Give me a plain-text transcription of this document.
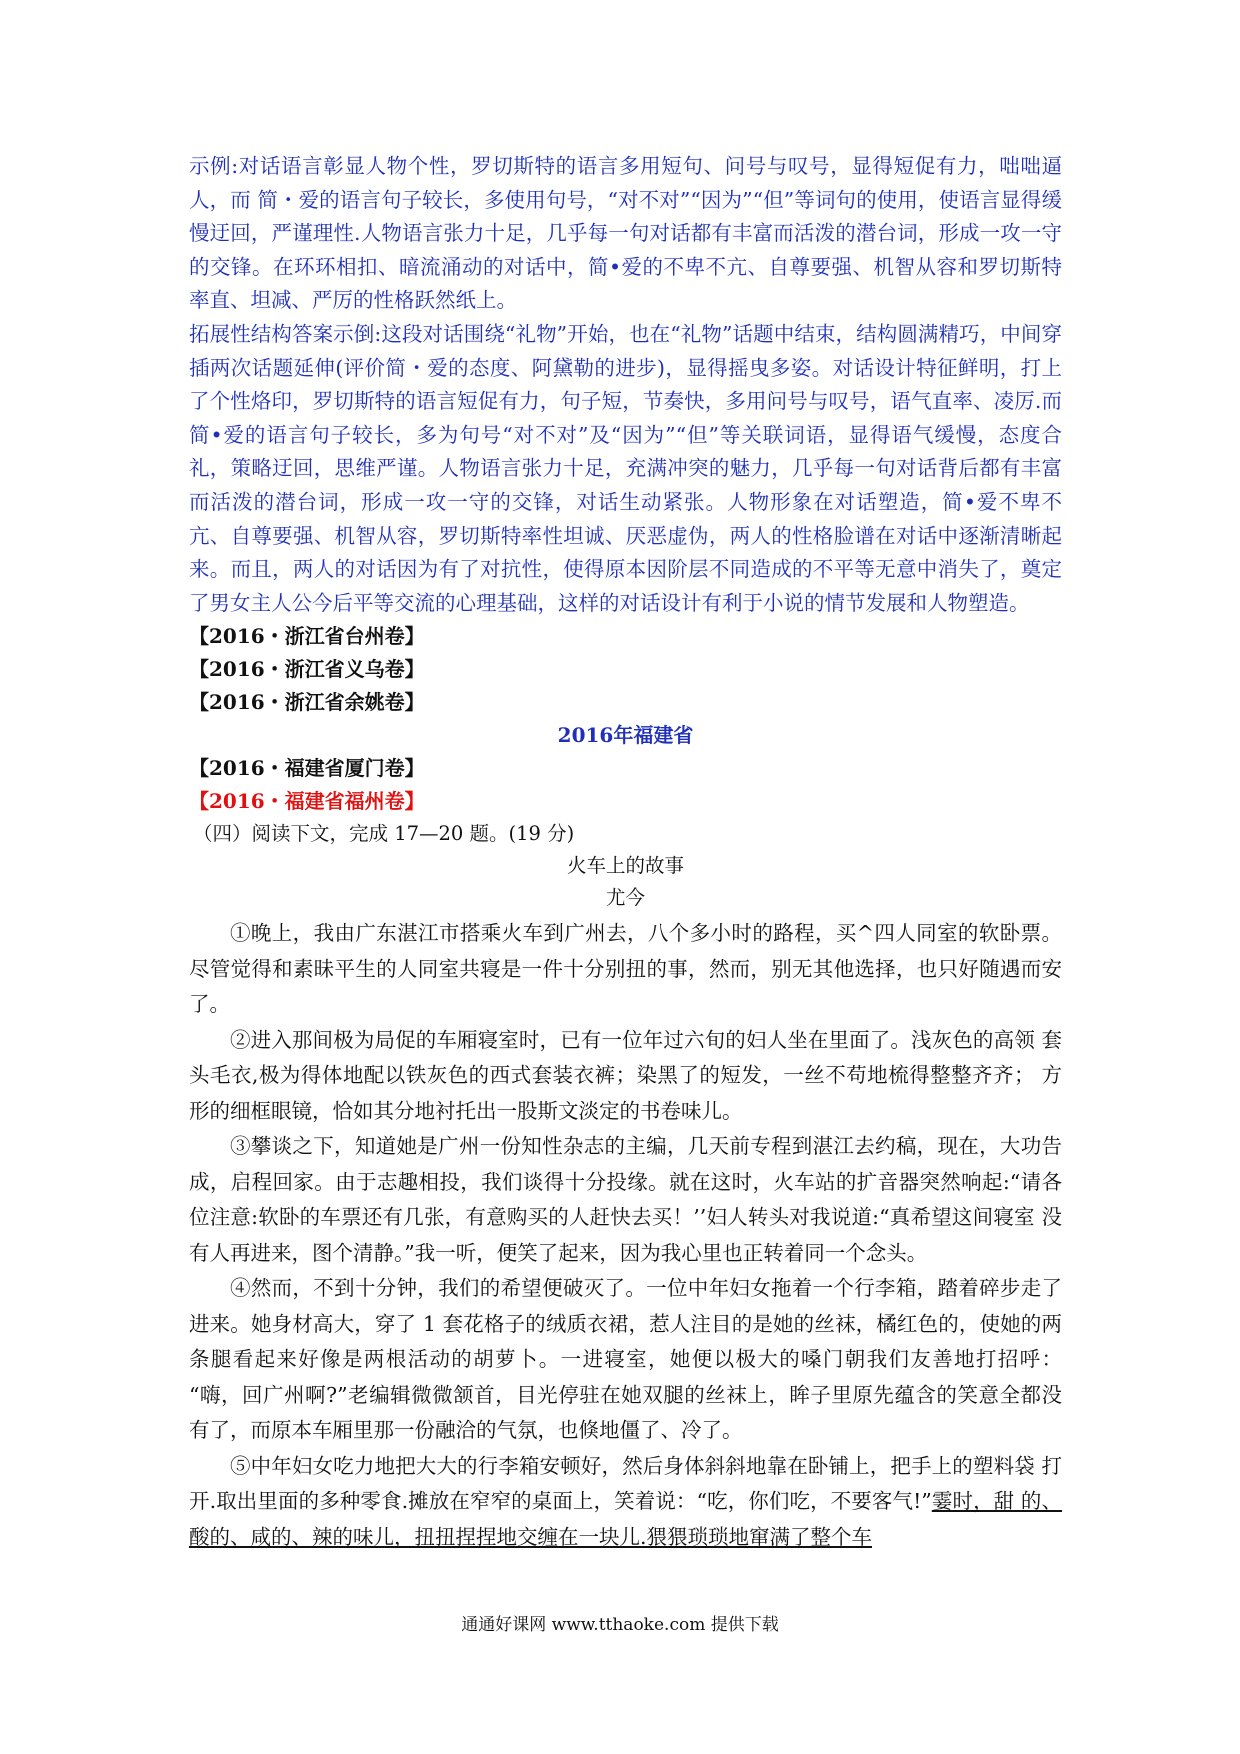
示例:对话语言彰显人物个性，罗切斯特的语言多用短句、问号与叹号，显得短促有力，咄咄逼人，而 简・爱的语言句子较长，多使用句号，“对不对”“因为”“但”等词句的使用，使语言显得缓慢迂回，严谨理性.人物语言张力十足，几乎每一句对话都有丰富而活泼的潜台词，形成一攻一守的交锋。在环环相扣、暗流涌动的对话中，简•爱的不卑不亢、自尊要强、机智从容和罗切斯特率直、坦减、严厉的性格跃然纸上。

拓展性结构答案示倒:这段对话围绕“礼物”开始，也在“礼物”话题中结束，结构圆满精巧，中间穿插两次话题延伸(评价简・爱的态度、阿黛勒的进步)，显得摇曳多姿。对话设计特征鲜明，打上了个性烙印，罗切斯特的语言短促有力，句子短，节奏快，多用问号与叹号，语气直率、凌厉.而简•爱的语言句子较长，多为句号“对不对”及“因为”“但”等关联词语，显得语气缓慢，态度合礼，策略迂回，思维严谨。人物语言张力十足，充满冲突的魅力，几乎每一句对话背后都有丰富而活泼的潜台词，形成一攻一守的交锋，对话生动紧张。人物形象在对话塑造，简•爱不卑不亢、自尊要强、机智从容，罗切斯特率性坦诚、厌恶虚伪，两人的性格脸谱在对话中逐渐清晰起来。而且，两人的对话因为有了对抗性，使得原本因阶层不同造成的不平等无意中消失了，奠定了男女主人公今后平等交流的心理基础，这样的对话设计有利于小说的情节发展和人物塑造。

【2016・浙江省台州卷】

【2016・浙江省义乌卷】

【2016・浙江省余姚卷】

2016年福建省

【2016・福建省厦门卷】

【2016・福建省福州卷】

（四）阅读下文，完成 17—20 题。(19 分)

火车上的故事

尤今

①晚上，我由广东湛江市搭乘火车到广州去，八个多小时的路程，买^四人同室的软卧票。 尽管觉得和素昧平生的人同室共寝是一件十分别扭的事，然而，别无其他选择，也只好随遇而安 了。

②进入那间极为局促的车厢寝室时，已有一位年过六旬的妇人坐在里面了。浅灰色的高领 套头毛衣,极为得体地配以铁灰色的西式套装衣裤；染黑了的短发，一丝不苟地梳得整整齐齐； 方形的细框眼镜，恰如其分地衬托出一股斯文淡定的书卷味儿。

③攀谈之下，知道她是广州一份知性杂志的主编，几天前专程到湛江去约稿，现在，大功告 成，启程回家。由于志趣相投，我们谈得十分投缘。就在这时，火车站的扩音器突然响起:“请各 位注意:软卧的车票还有几张，有意购买的人赶快去买！’’妇人转头对我说道:“真希望这间寝室 没有人再进来，图个清静。”我一听，便笑了起来，因为我心里也正转着同一个念头。

④然而，不到十分钟，我们的希望便破灭了。一位中年妇女拖着一个行李箱，踏着碎步走了 进来。她身材高大，穿了 1 套花格子的绒质衣裙，惹人注目的是她的丝袜，橘红色的，使她的两 条腿看起来好像是两根活动的胡萝卜。一进寝室，她便以极大的嗓门朝我们友善地打招呼： “嗨，回广州啊?”老编辑微微颔首，目光停驻在她双腿的丝袜上，眸子里原先蕴含的笑意全都没 有了，而原本车厢里那一份融洽的气氛，也倏地僵了、冷了。

⑤中年妇女吃力地把大大的行李箱安顿好，然后身体斜斜地靠在卧铺上，把手上的塑料袋 打开.取出里面的多种零食.摊放在窄窄的桌面上，笑着说：“吃，你们吃，不要客气!”霎时，甜 的、酸的、咸的、辣的味儿，扭扭捏捏地交缠在一块儿.猥猥琐琐地窜满了整个车

通通好课网 www.tthaoke.com 提供下载
